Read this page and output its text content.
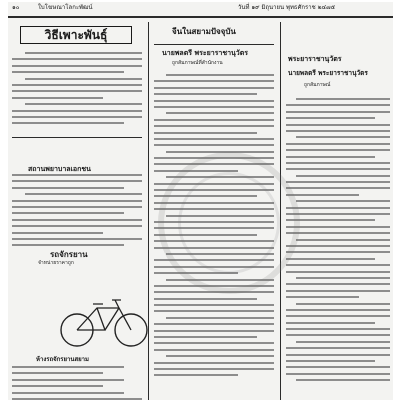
๑๐	ใบโฆษณาโลกะพัฒน์	วันที่ ๑๙ มิถุนายน พุทธศักราช ๒๔๗๕
วิธีเพาะพันธุ์
สถานพยาบาลเอกชน
รถจักรยาน
จำหน่ายราคาถูก
ห้างรถจักรยานสยาม
จีนในสยามปัจจุบัน
นายพลตรี พระยาราชานุวัตร
ถูกสัมภาษณ์ที่สำนักงาน	พระยาราชานุวัตร
นายพลตรี พระยาราชานุวัตร
ถูกสัมภาษณ์
